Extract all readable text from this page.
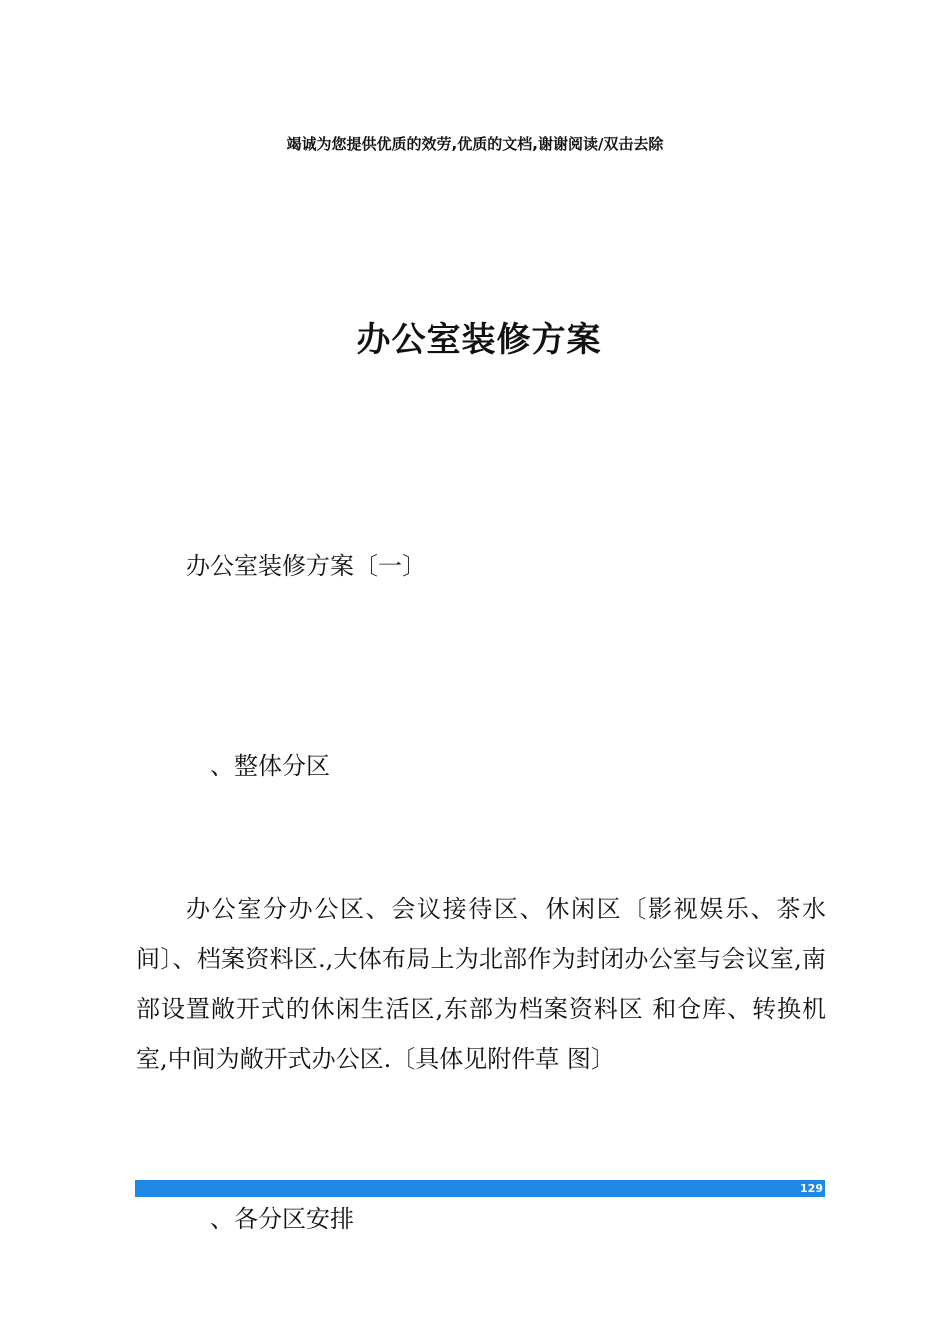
竭诚为您提供优质的效劳,优质的文档,谢谢阅读/双击去除
办公室装修方案
办公室装修方案〔一〕
、整体分区

办公室分办公区、会议接待区、休闲区〔影视娱乐、茶水间〕、档案资料区.,大体布局上为北部作为封闭办公室与会议室,南部设置敞开式的休闲生活区,东部为档案资料区 和仓库、转换机室,中间为敞开式办公区.〔具体见附件草 图〕

129
、各分区安排
